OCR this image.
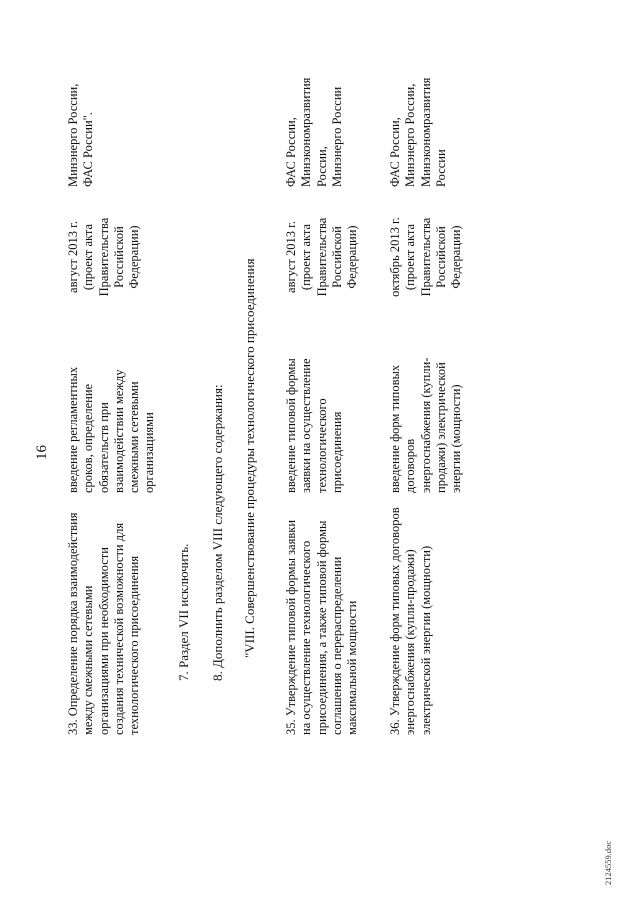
16
33. Определение порядка взаимодействия между смежными сетевыми организациями при необходимости создания технической возможности для технологического присоединения
введение регламентных сроков, определение обязательств при взаимодействии между смежными сетевыми организациями
август 2013 г. (проект акта Правительства Российской Федерации)
Минэнерго России, ФАС России".
7. Раздел VII исключить. 8. Дополнить разделом VIII следующего содержания: "VIII. Совершенствование процедуры технологического присоединения 35. Утверждение типовой формы заявки на осуществление технологического присоединения, а также типовой формы соглашения о перераспределении максимальной мощности
введение типовой формы заявки на осуществление технологического присоединения
август 2013 г. (проект акта Правительства Российской Федерации)
ФАС России, Минэкономразвития России, Минэнерго России
36. Утверждение форм типовых договоров энергоснабжения (купли-продажи) электрической энергии (мощности)
введение форм типовых договоров энергоснабжения (купли- продажи) электрической энергии (мощности)
октябрь 2013 г. (проект акта Правительства Российской Федерации)
ФАС России, Минэнерго России, Минэкономразвития России
2124559.doc
